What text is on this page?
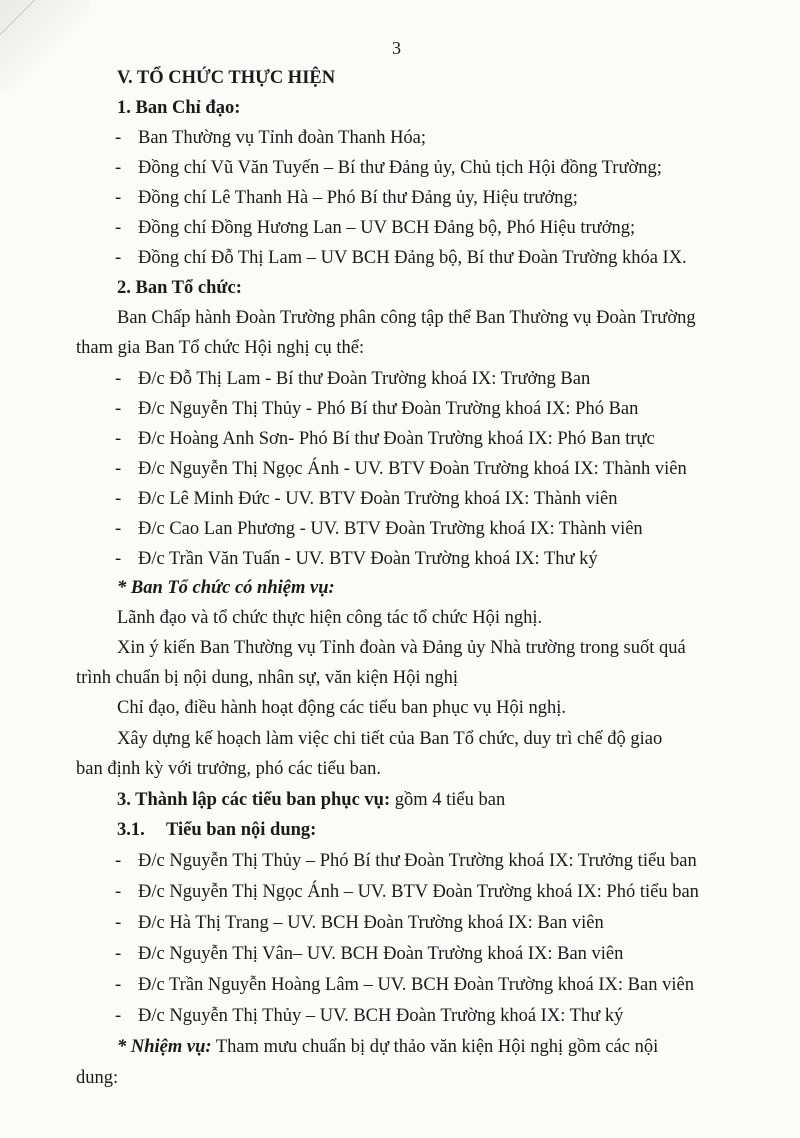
3
V. TỔ CHỨC THỰC HIỆN
1. Ban Chỉ đạo:
- Ban Thường vụ Tỉnh đoàn Thanh Hóa;
- Đồng chí Vũ Văn Tuyến – Bí thư Đảng ủy, Chủ tịch Hội đồng Trường;
- Đồng chí Lê Thanh Hà – Phó Bí thư Đảng ủy, Hiệu trưởng;
- Đồng chí Đồng Hương Lan – UV BCH Đảng bộ, Phó Hiệu trưởng;
- Đồng chí Đỗ Thị Lam – UV BCH Đảng bộ, Bí thư Đoàn Trường khóa IX.
2. Ban Tổ chức:
Ban Chấp hành Đoàn Trường phân công tập thể Ban Thường vụ Đoàn Trường
tham gia Ban Tổ chức Hội nghị cụ thể:
- Đ/c Đỗ Thị Lam - Bí thư Đoàn Trường khoá IX: Trưởng Ban
- Đ/c Nguyễn Thị Thủy - Phó Bí thư Đoàn Trường khoá IX: Phó Ban
- Đ/c Hoàng Anh Sơn- Phó Bí thư Đoàn Trường khoá IX: Phó Ban trực
- Đ/c Nguyễn Thị Ngọc Ánh - UV. BTV Đoàn Trường khoá IX: Thành viên
- Đ/c Lê Minh Đức - UV. BTV Đoàn Trường khoá IX: Thành viên
- Đ/c Cao Lan Phương - UV. BTV Đoàn Trường khoá IX: Thành viên
- Đ/c Trần Văn Tuấn - UV. BTV Đoàn Trường khoá IX: Thư ký
* Ban Tổ chức có nhiệm vụ:
Lãnh đạo và tổ chức thực hiện công tác tổ chức Hội nghị.
Xin ý kiến Ban Thường vụ Tỉnh đoàn và Đảng ủy Nhà trường trong suốt quá
trình chuẩn bị nội dung, nhân sự, văn kiện Hội nghị
Chỉ đạo, điều hành hoạt động các tiểu ban phục vụ Hội nghị.
Xây dựng kế hoạch làm việc chi tiết của Ban Tổ chức, duy trì chế độ giao
ban định kỳ với trưởng, phó các tiểu ban.
3. Thành lập các tiểu ban phục vụ: gồm 4 tiểu ban
3.1. Tiểu ban nội dung:
- Đ/c Nguyễn Thị Thủy – Phó Bí thư Đoàn Trường khoá IX: Trưởng tiểu ban
- Đ/c Nguyễn Thị Ngọc Ánh – UV. BTV Đoàn Trường khoá IX: Phó tiểu ban
- Đ/c Hà Thị Trang – UV. BCH Đoàn Trường khoá IX: Ban viên
- Đ/c Nguyễn Thị Vân– UV. BCH Đoàn Trường khoá IX: Ban viên
- Đ/c Trần Nguyễn Hoàng Lâm – UV. BCH Đoàn Trường khoá IX: Ban viên
- Đ/c Nguyễn Thị Thủy – UV. BCH Đoàn Trường khoá IX: Thư ký
* Nhiệm vụ: Tham mưu chuẩn bị dự thảo văn kiện Hội nghị gồm các nội
dung:
